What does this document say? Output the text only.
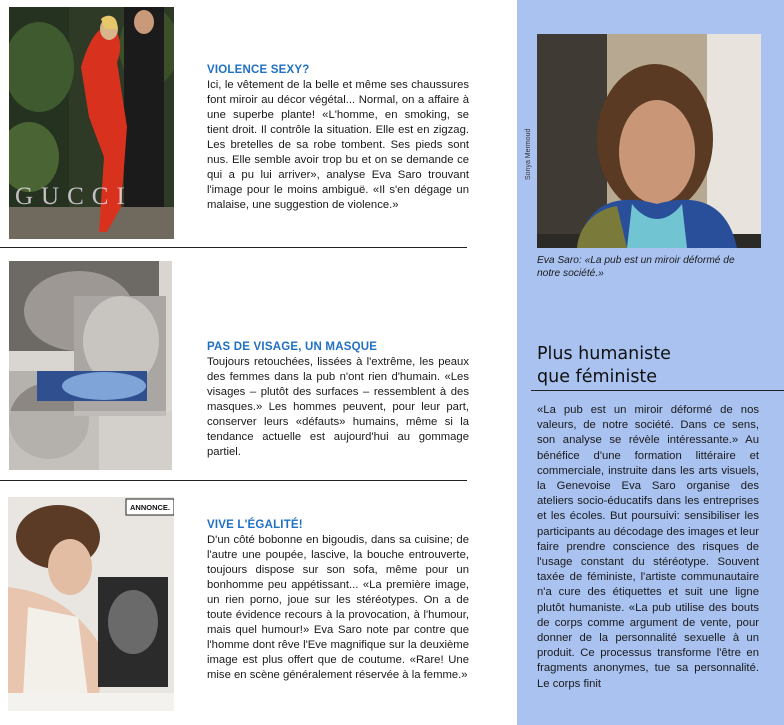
GUCCI

VIOLENCE SEXY?

Ici, le vêtement de la belle et même ses chaussures font miroir au décor végétal... Normal, on a affaire à une superbe plante! «L'homme, en smoking, se tient droit. Il contrôle la situation. Elle est en zigzag. Les bretelles de sa robe tombent. Ses pieds sont nus. Elle semble avoir trop bu et on se demande ce qui a pu lui arriver», analyse Eva Saro trouvant l'image pour le moins ambiguë. «Il s'en dégage un malaise, une suggestion de violence.»

PAS DE VISAGE, UN MASQUE

Toujours retouchées, lissées à l'extrême, les peaux des femmes dans la pub n'ont rien d'humain. «Les visages – plutôt des surfaces – ressemblent à des masques.» Les hommes peuvent, pour leur part, conserver leurs «défauts» humains, même si la tendance actuelle est aujourd'hui au gommage partiel.

ANNONCE.

VIVE L'ÉGALITÉ!

D'un côté bobonne en bigoudis, dans sa cuisine; de l'autre une poupée, lascive, la bouche entrouverte, toujours dispose sur son sofa, même pour un bonhomme peu appétissant... «La première image, un rien porno, joue sur les stéréotypes. On a de toute évidence recours à la provocation, à l'humour, mais quel humour!» Eva Saro note par contre que l'homme dont rêve l'Eve magnifique sur la deuxième image est plus offert que de coutume. «Rare! Une mise en scène généralement réservée à la femme.»

Sonya Mermoud
Eva Saro: «La pub est un miroir déformé de notre société.»
Plus humaniste
que féministe

«La pub est un miroir déformé de nos valeurs, de notre société. Dans ce sens, son analyse se révèle intéressante.» Au bénéfice d'une formation littéraire et commerciale, instruite dans les arts visuels, la Genevoise Eva Saro organise des ateliers socio-éducatifs dans les entreprises et les écoles. But poursuivi: sensibiliser les participants au décodage des images et leur faire prendre conscience des risques de l'usage constant du stéréotype. Souvent taxée de féministe, l'artiste communautaire n'a cure des étiquettes et suit une ligne plutôt humaniste. «La pub utilise des bouts de corps comme argument de vente, pour donner de la personnalité sexuelle à un produit. Ce processus transforme l'être en fragments anonymes, tue sa personnalité. Le corps finit
